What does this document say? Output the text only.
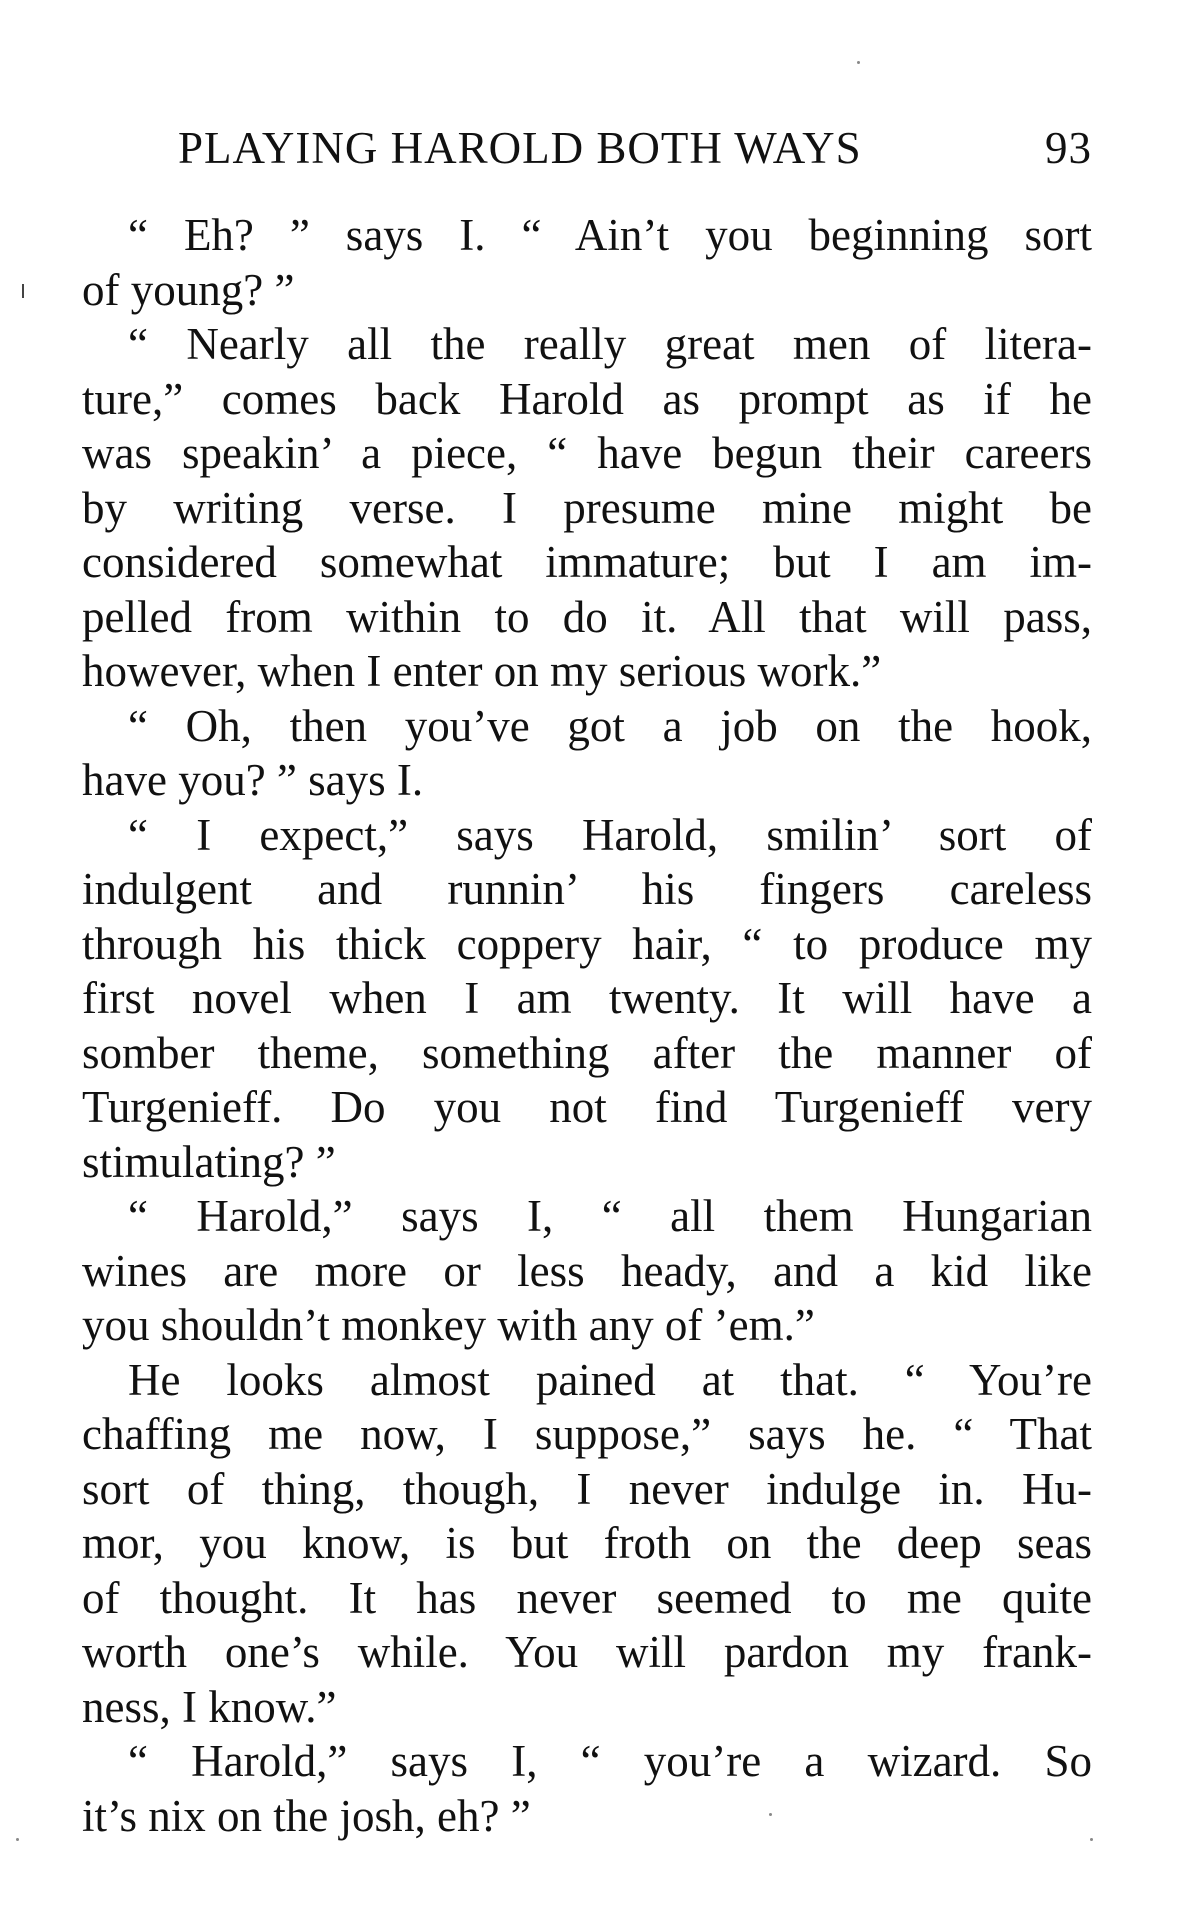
PLAYING HAROLD BOTH WAYS	93
“ Eh? ” says I. “ Ain’t you beginning sort
of young? ”
“ Nearly all the really great men of litera-
ture,” comes back Harold as prompt as if he
was speakin’ a piece, “ have begun their careers
by writing verse. I presume mine might be
considered somewhat immature; but I am im-
pelled from within to do it. All that will pass,
however, when I enter on my serious work.”
“ Oh, then you’ve got a job on the hook,
have you? ” says I.
“ I expect,” says Harold, smilin’ sort of
indulgent and runnin’ his fingers careless
through his thick coppery hair, “ to produce my
first novel when I am twenty. It will have a
somber theme, something after the manner of
Turgenieff. Do you not find Turgenieff very
stimulating? ”
“ Harold,” says I, “ all them Hungarian
wines are more or less heady, and a kid like
you shouldn’t monkey with any of ’em.”
He looks almost pained at that. “ You’re
chaffing me now, I suppose,” says he. “ That
sort of thing, though, I never indulge in. Hu-
mor, you know, is but froth on the deep seas
of thought. It has never seemed to me quite
worth one’s while. You will pardon my frank-
ness, I know.”
“ Harold,” says I, “ you’re a wizard. So
it’s nix on the josh, eh? ”
